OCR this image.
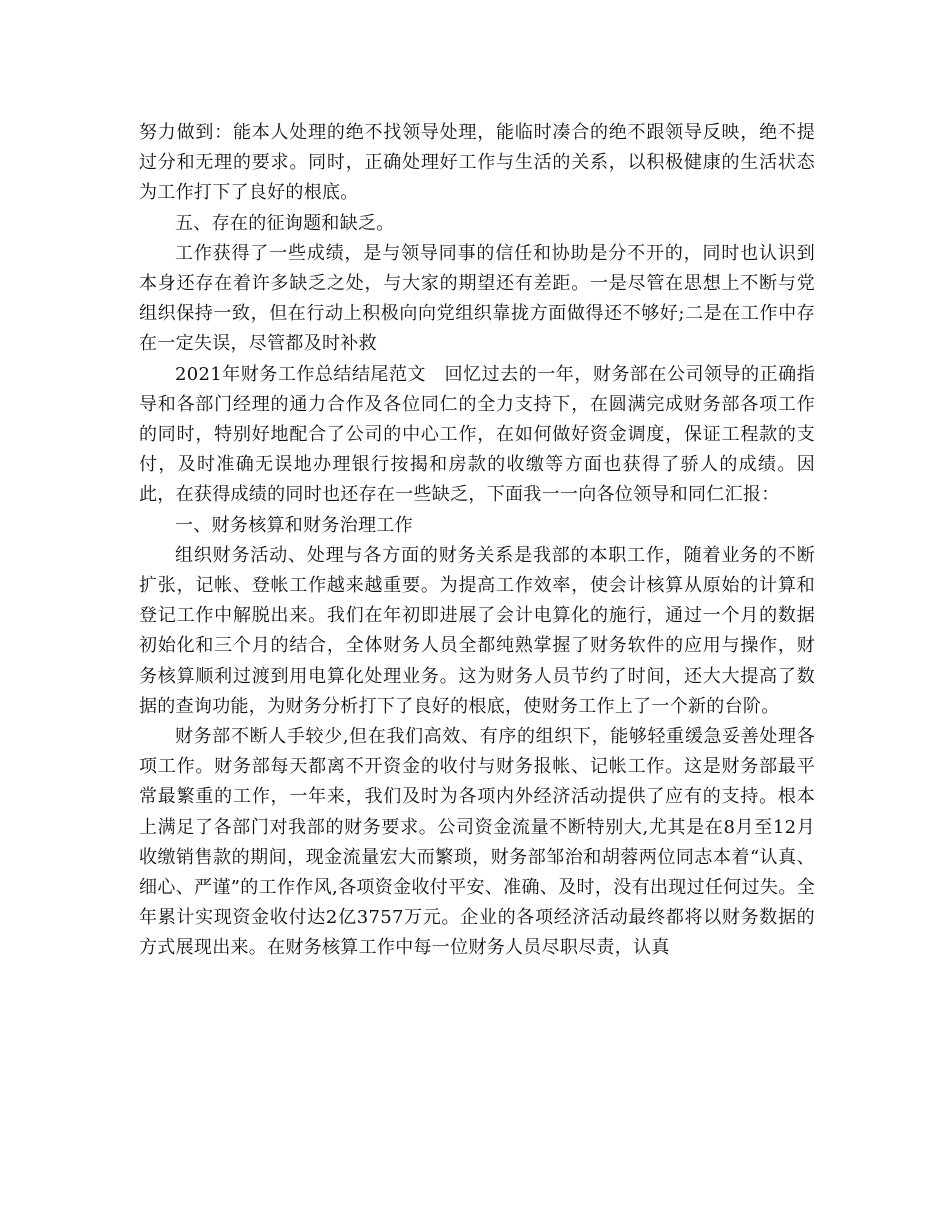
努力做到：能本人处理的绝不找领导处理，能临时凑合的绝不跟领导反映，绝不提过分和无理的要求。同时，正确处理好工作与生活的关系，以积极健康的生活状态为工作打下了良好的根底。

五、存在的征询题和缺乏。

工作获得了一些成绩，是与领导同事的信任和协助是分不开的，同时也认识到本身还存在着许多缺乏之处，与大家的期望还有差距。一是尽管在思想上不断与党组织保持一致，但在行动上积极向向党组织靠拢方面做得还不够好;二是在工作中存在一定失误，尽管都及时补救

2021年财务工作总结结尾范文　回忆过去的一年，财务部在公司领导的正确指导和各部门经理的通力合作及各位同仁的全力支持下，在圆满完成财务部各项工作的同时，特别好地配合了公司的中心工作，在如何做好资金调度，保证工程款的支付，及时准确无误地办理银行按揭和房款的收缴等方面也获得了骄人的成绩。因此，在获得成绩的同时也还存在一些缺乏，下面我一一向各位领导和同仁汇报：

一、财务核算和财务治理工作

组织财务活动、处理与各方面的财务关系是我部的本职工作，随着业务的不断扩张，记帐、登帐工作越来越重要。为提高工作效率，使会计核算从原始的计算和登记工作中解脱出来。我们在年初即进展了会计电算化的施行，通过一个月的数据初始化和三个月的结合，全体财务人员全都纯熟掌握了财务软件的应用与操作，财务核算顺利过渡到用电算化处理业务。这为财务人员节约了时间，还大大提高了数据的查询功能，为财务分析打下了良好的根底，使财务工作上了一个新的台阶。

财务部不断人手较少,但在我们高效、有序的组织下，能够轻重缓急妥善处理各项工作。财务部每天都离不开资金的收付与财务报帐、记帐工作。这是财务部最平常最繁重的工作，一年来，我们及时为各项内外经济活动提供了应有的支持。根本上满足了各部门对我部的财务要求。公司资金流量不断特别大,尤其是在8月至12月收缴销售款的期间，现金流量宏大而繁琐，财务部邹治和胡蓉两位同志本着“认真、细心、严谨”的工作作风,各项资金收付平安、准确、及时，没有出现过任何过失。全年累计实现资金收付达2亿3757万元。企业的各项经济活动最终都将以财务数据的方式展现出来。在财务核算工作中每一位财务人员尽职尽责，认真
